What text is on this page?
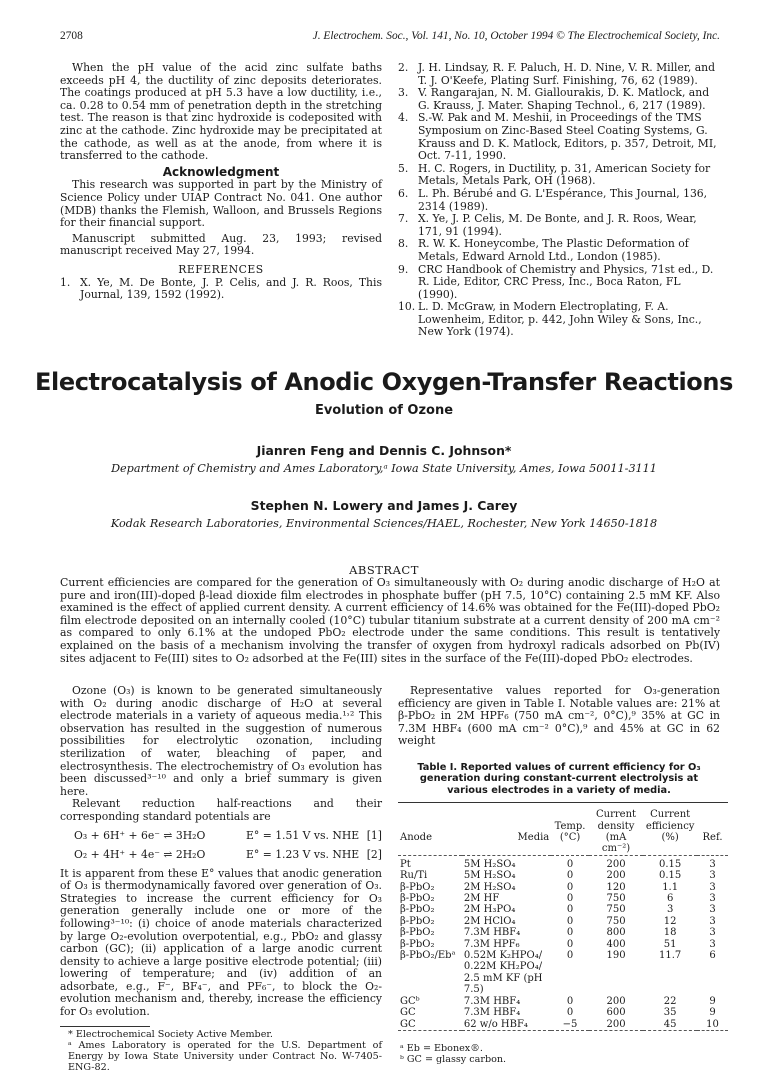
2708	J. Electrochem. Soc., Vol. 141, No. 10, October 1994 © The Electrochemical Society, Inc.

When the pH value of the acid zinc sulfate baths exceeds pH 4, the ductility of zinc deposits deteriorates. The coatings produced at pH 5.3 have a low ductility, i.e., ca. 0.28 to 0.54 mm of penetration depth in the stretching test. The reason is that zinc hydroxide is codeposited with zinc at the cathode. Zinc hydroxide may be precipitated at the cathode, as well as at the anode, from where it is transferred to the cathode.

Acknowledgment

This research was supported in part by the Ministry of Science Policy under UIAP Contract No. 041. One author (MDB) thanks the Flemish, Walloon, and Brussels Regions for their financial support.

Manuscript submitted Aug. 23, 1993; revised manuscript received May 27, 1994.

REFERENCES
1. X. Ye, M. De Bonte, J. P. Celis, and J. R. Roos, This Journal, 139, 1592 (1992).
2. J. H. Lindsay, R. F. Paluch, H. D. Nine, V. R. Miller, and T. J. O'Keefe, Plating Surf. Finishing, 76, 62 (1989).
3. V. Rangarajan, N. M. Giallourakis, D. K. Matlock, and G. Krauss, J. Mater. Shaping Technol., 6, 217 (1989).
4. S.-W. Pak and M. Meshii, in Proceedings of the TMS Symposium on Zinc-Based Steel Coating Systems, G. Krauss and D. K. Matlock, Editors, p. 357, Detroit, MI, Oct. 7-11, 1990.
5. H. C. Rogers, in Ductility, p. 31, American Society for Metals, Metals Park, OH (1968).
6. L. Ph. Bérubé and G. L'Espérance, This Journal, 136, 2314 (1989).
7. X. Ye, J. P. Celis, M. De Bonte, and J. R. Roos, Wear, 171, 91 (1994).
8. R. W. K. Honeycombe, The Plastic Deformation of Metals, Edward Arnold Ltd., London (1985).
9. CRC Handbook of Chemistry and Physics, 71st ed., D. R. Lide, Editor, CRC Press, Inc., Boca Raton, FL (1990).
10. L. D. McGraw, in Modern Electroplating, F. A. Lowenheim, Editor, p. 442, John Wiley & Sons, Inc., New York (1974).
Electrocatalysis of Anodic Oxygen-Transfer Reactions
Evolution of Ozone
Jianren Feng and Dennis C. Johnson*
Department of Chemistry and Ames Laboratory,ᵃ Iowa State University, Ames, Iowa 50011-3111
Stephen N. Lowery and James J. Carey
Kodak Research Laboratories, Environmental Sciences/HAEL, Rochester, New York 14650-1818
ABSTRACT
Current efficiencies are compared for the generation of O₃ simultaneously with O₂ during anodic discharge of H₂O at pure and iron(III)-doped β-lead dioxide film electrodes in phosphate buffer (pH 7.5, 10°C) containing 2.5 mM KF. Also examined is the effect of applied current density. A current efficiency of 14.6% was obtained for the Fe(III)-doped PbO₂ film electrode deposited on an internally cooled (10°C) tubular titanium substrate at a current density of 200 mA cm⁻² as compared to only 6.1% at the undoped PbO₂ electrode under the same conditions. This result is tentatively explained on the basis of a mechanism involving the transfer of oxygen from hydroxyl radicals adsorbed on Pb(IV) sites adjacent to Fe(III) sites to O₂ adsorbed at the Fe(III) sites in the surface of the Fe(III)-doped PbO₂ electrodes.

Ozone (O₃) is known to be generated simultaneously with O₂ during anodic discharge of H₂O at several electrode materials in a variety of aqueous media.¹˒² This observation has resulted in the suggestion of numerous possibilities for electrolytic ozonation, including sterilization of water, bleaching of paper, and electrosynthesis. The electrochemistry of O₃ evolution has been discussed³⁻¹⁰ and only a brief summary is given here.

Relevant reduction half-reactions and their corresponding standard potentials are

O₃ + 6H⁺ + 6e⁻ ⇌ 3H₂O	E° = 1.51 V vs. NHE [1]
O₂ + 4H⁺ + 4e⁻ ⇌ 2H₂O	E° = 1.23 V vs. NHE [2]

It is apparent from these E° values that anodic generation of O₃ is thermodynamically favored over generation of O₃. Strategies to increase the current efficiency for O₃ generation generally include one or more of the following³⁻¹⁰: (i) choice of anode materials characterized by large O₂-evolution overpotential, e.g., PbO₂ and glassy carbon (GC); (ii) application of a large anodic current density to achieve a large positive electrode potential; (iii) lowering of temperature; and (iv) addition of an adsorbate, e.g., F⁻, BF₄⁻, and PF₆⁻, to block the O₂-evolution mechanism and, thereby, increase the efficiency for O₃ evolution.

* Electrochemical Society Active Member.
ᵃ Ames Laboratory is operated for the U.S. Department of Energy by Iowa State University under Contract No. W-7405-ENG-82.

Representative values reported for O₃-generation efficiency are given in Table I. Notable values are: 21% at β-PbO₂ in 2M HPF₆ (750 mA cm⁻², 0°C),⁹ 35% at GC in 7.3M HBF₄ (600 mA cm⁻² 0°C),⁹ and 45% at GC in 62 weight

Table I. Reported values of current efficiency for O₃ generation during constant-current electrolysis at various electrodes in a variety of media.
			Current	Current	
		Temp.	density	efficiency	
Anode	Media	(°C)	(mA cm⁻²)	(%)	Ref.
Pt	5M H₂SO₄	0	200	0.15	3
Ru/Ti	5M H₂SO₄	0	200	0.15	3
β-PbO₂	2M H₂SO₄	0	120	1.1	3
β-PbO₂	2M HF	0	750	6	3
β-PbO₂	2M H₃PO₄	0	750	3	3
β-PbO₂	2M HClO₄	0	750	12	3
β-PbO₂	7.3M HBF₄	0	800	18	3
β-PbO₂	7.3M HPF₆	0	400	51	3
β-PbO₂/Ebᵃ	0.52M K₂HPO₄/ 0.22M KH₂PO₄/ 2.5 mM KF (pH 7.5)	0	190	11.7	6
GCᵇ	7.3M HBF₄	0	200	22	9
GC	7.3M HBF₄	0	600	35	9
GC	62 w/o HBF₄	−5	200	45	10

ᵃ Eb = Ebonex®.
ᵇ GC = glassy carbon.
